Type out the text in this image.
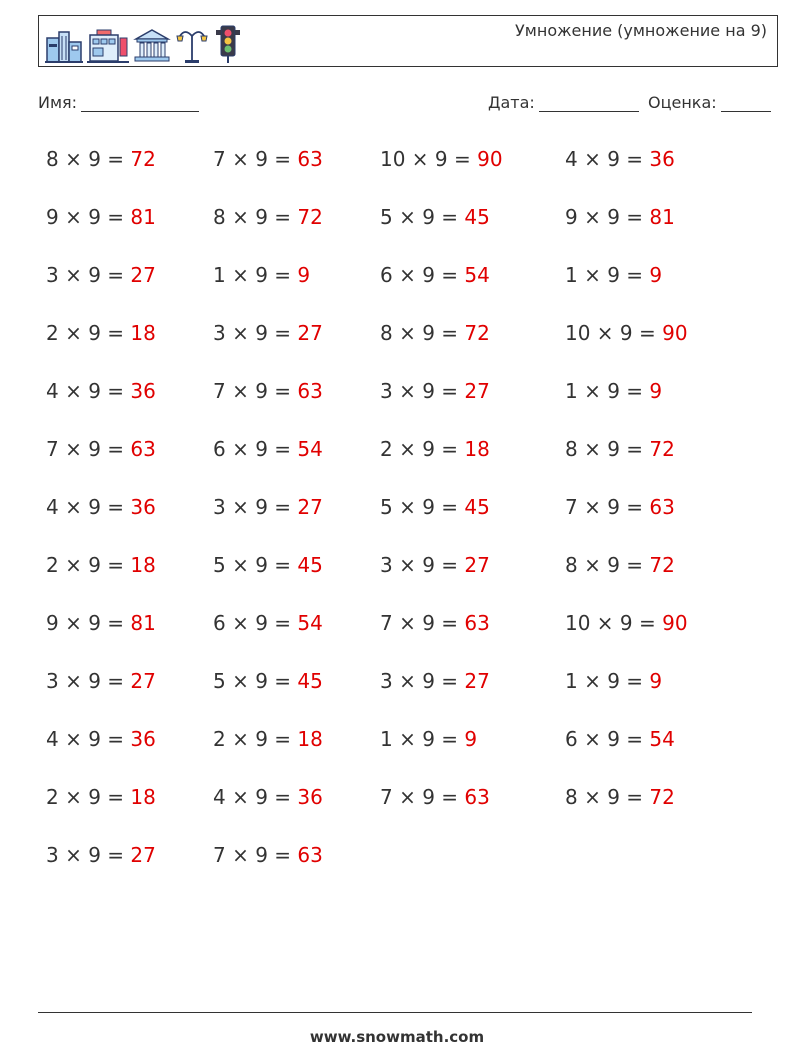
Умножение (умножение на 9)
Имя:	Дата:	Оценка:
8 × 9 = 72	7 × 9 = 63	10 × 9 = 90	4 × 9 = 36
9 × 9 = 81	8 × 9 = 72	5 × 9 = 45	9 × 9 = 81
3 × 9 = 27	1 × 9 = 9	6 × 9 = 54	1 × 9 = 9
2 × 9 = 18	3 × 9 = 27	8 × 9 = 72	10 × 9 = 90
4 × 9 = 36	7 × 9 = 63	3 × 9 = 27	1 × 9 = 9
7 × 9 = 63	6 × 9 = 54	2 × 9 = 18	8 × 9 = 72
4 × 9 = 36	3 × 9 = 27	5 × 9 = 45	7 × 9 = 63
2 × 9 = 18	5 × 9 = 45	3 × 9 = 27	8 × 9 = 72
9 × 9 = 81	6 × 9 = 54	7 × 9 = 63	10 × 9 = 90
3 × 9 = 27	5 × 9 = 45	3 × 9 = 27	1 × 9 = 9
4 × 9 = 36	2 × 9 = 18	1 × 9 = 9	6 × 9 = 54
2 × 9 = 18	4 × 9 = 36	7 × 9 = 63	8 × 9 = 72
3 × 9 = 27	7 × 9 = 63
www.snowmath.com
